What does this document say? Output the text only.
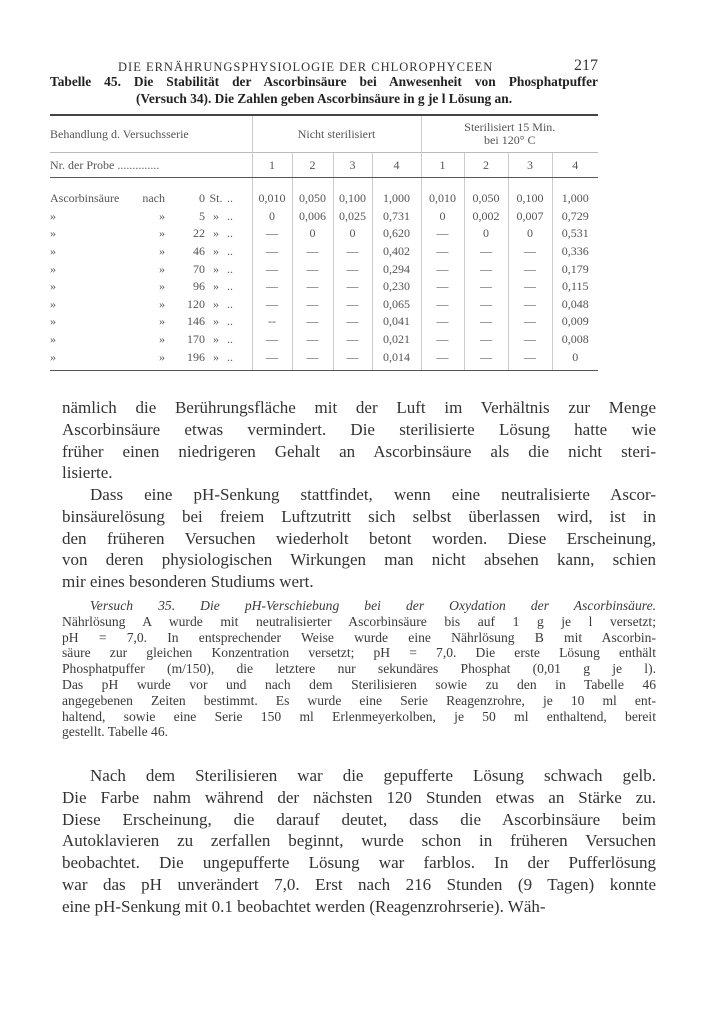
DIE ERNÄHRUNGSPHYSIOLOGIE DER CHLOROPHYCEEN	217
Tabelle 45. Die Stabilität der Ascorbinsäure bei Anwesenheit von Phosphatpuffer
(Versuch 34). Die Zahlen geben Ascorbinsäure in g je l Lösung an.
Behandlung d. Versuchsserie	Nicht sterilisiert				Sterilisiert 15 Min.
bei 120° C			

Nr. der Probe ..............	1	2	3	4	1	2	3	4

Ascorbinsäure nach 0 St. ..	0,010	0,050	0,100	1,000	0,010	0,050	0,100	1,000

» » 5 » ..	0	0,006	0,025	0,731	0	0,002	0,007	0,729

» » 22 » ..	—	0	0	0,620	—	0	0	0,531

» » 46 » ..	—	—	—	0,402	—	—	—	0,336

» » 70 » ..	—	—	—	0,294	—	—	—	0,179

» » 96 » ..	—	—	—	0,230	—	—	—	0,115

» » 120 » ..	—	—	—	0,065	—	—	—	0,048

» » 146 » ..	--	—	—	0,041	—	—	—	0,009

» » 170 » ..	—	—	—	0,021	—	—	—	0,008

» » 196 » ..	—	—	—	0,014	—	—	—	0
nämlich die Berührungsfläche mit der Luft im Verhältnis zur Menge
Ascorbinsäure etwas vermindert. Die sterilisierte Lösung hatte wie
früher einen niedrigeren Gehalt an Ascorbinsäure als die nicht steri-
lisierte.
Dass eine pH-Senkung stattfindet, wenn eine neutralisierte Ascor-
binsäurelösung bei freiem Luftzutritt sich selbst überlassen wird, ist in
den früheren Versuchen wiederholt betont worden. Diese Erscheinung,
von deren physiologischen Wirkungen man nicht absehen kann, schien
mir eines besonderen Studiums wert.
Versuch 35. Die pH-Verschiebung bei der Oxydation der Ascorbinsäure.
Nährlösung A wurde mit neutralisierter Ascorbinsäure bis auf 1 g je l versetzt;
pH = 7,0. In entsprechender Weise wurde eine Nährlösung B mit Ascorbin-
säure zur gleichen Konzentration versetzt; pH = 7,0. Die erste Lösung enthält
Phosphatpuffer (m/150), die letztere nur sekundäres Phosphat (0,01 g je l).
Das pH wurde vor und nach dem Sterilisieren sowie zu den in Tabelle 46
angegebenen Zeiten bestimmt. Es wurde eine Serie Reagenzrohre, je 10 ml ent-
haltend, sowie eine Serie 150 ml Erlenmeyerkolben, je 50 ml enthaltend, bereit
gestellt. Tabelle 46.
Nach dem Sterilisieren war die gepufferte Lösung schwach gelb.
Die Farbe nahm während der nächsten 120 Stunden etwas an Stärke zu.
Diese Erscheinung, die darauf deutet, dass die Ascorbinsäure beim
Autoklavieren zu zerfallen beginnt, wurde schon in früheren Versuchen
beobachtet. Die ungepufferte Lösung war farblos. In der Pufferlösung
war das pH unverändert 7,0. Erst nach 216 Stunden (9 Tagen) konnte
eine pH-Senkung mit 0.1 beobachtet werden (Reagenzrohrserie). Wäh-
